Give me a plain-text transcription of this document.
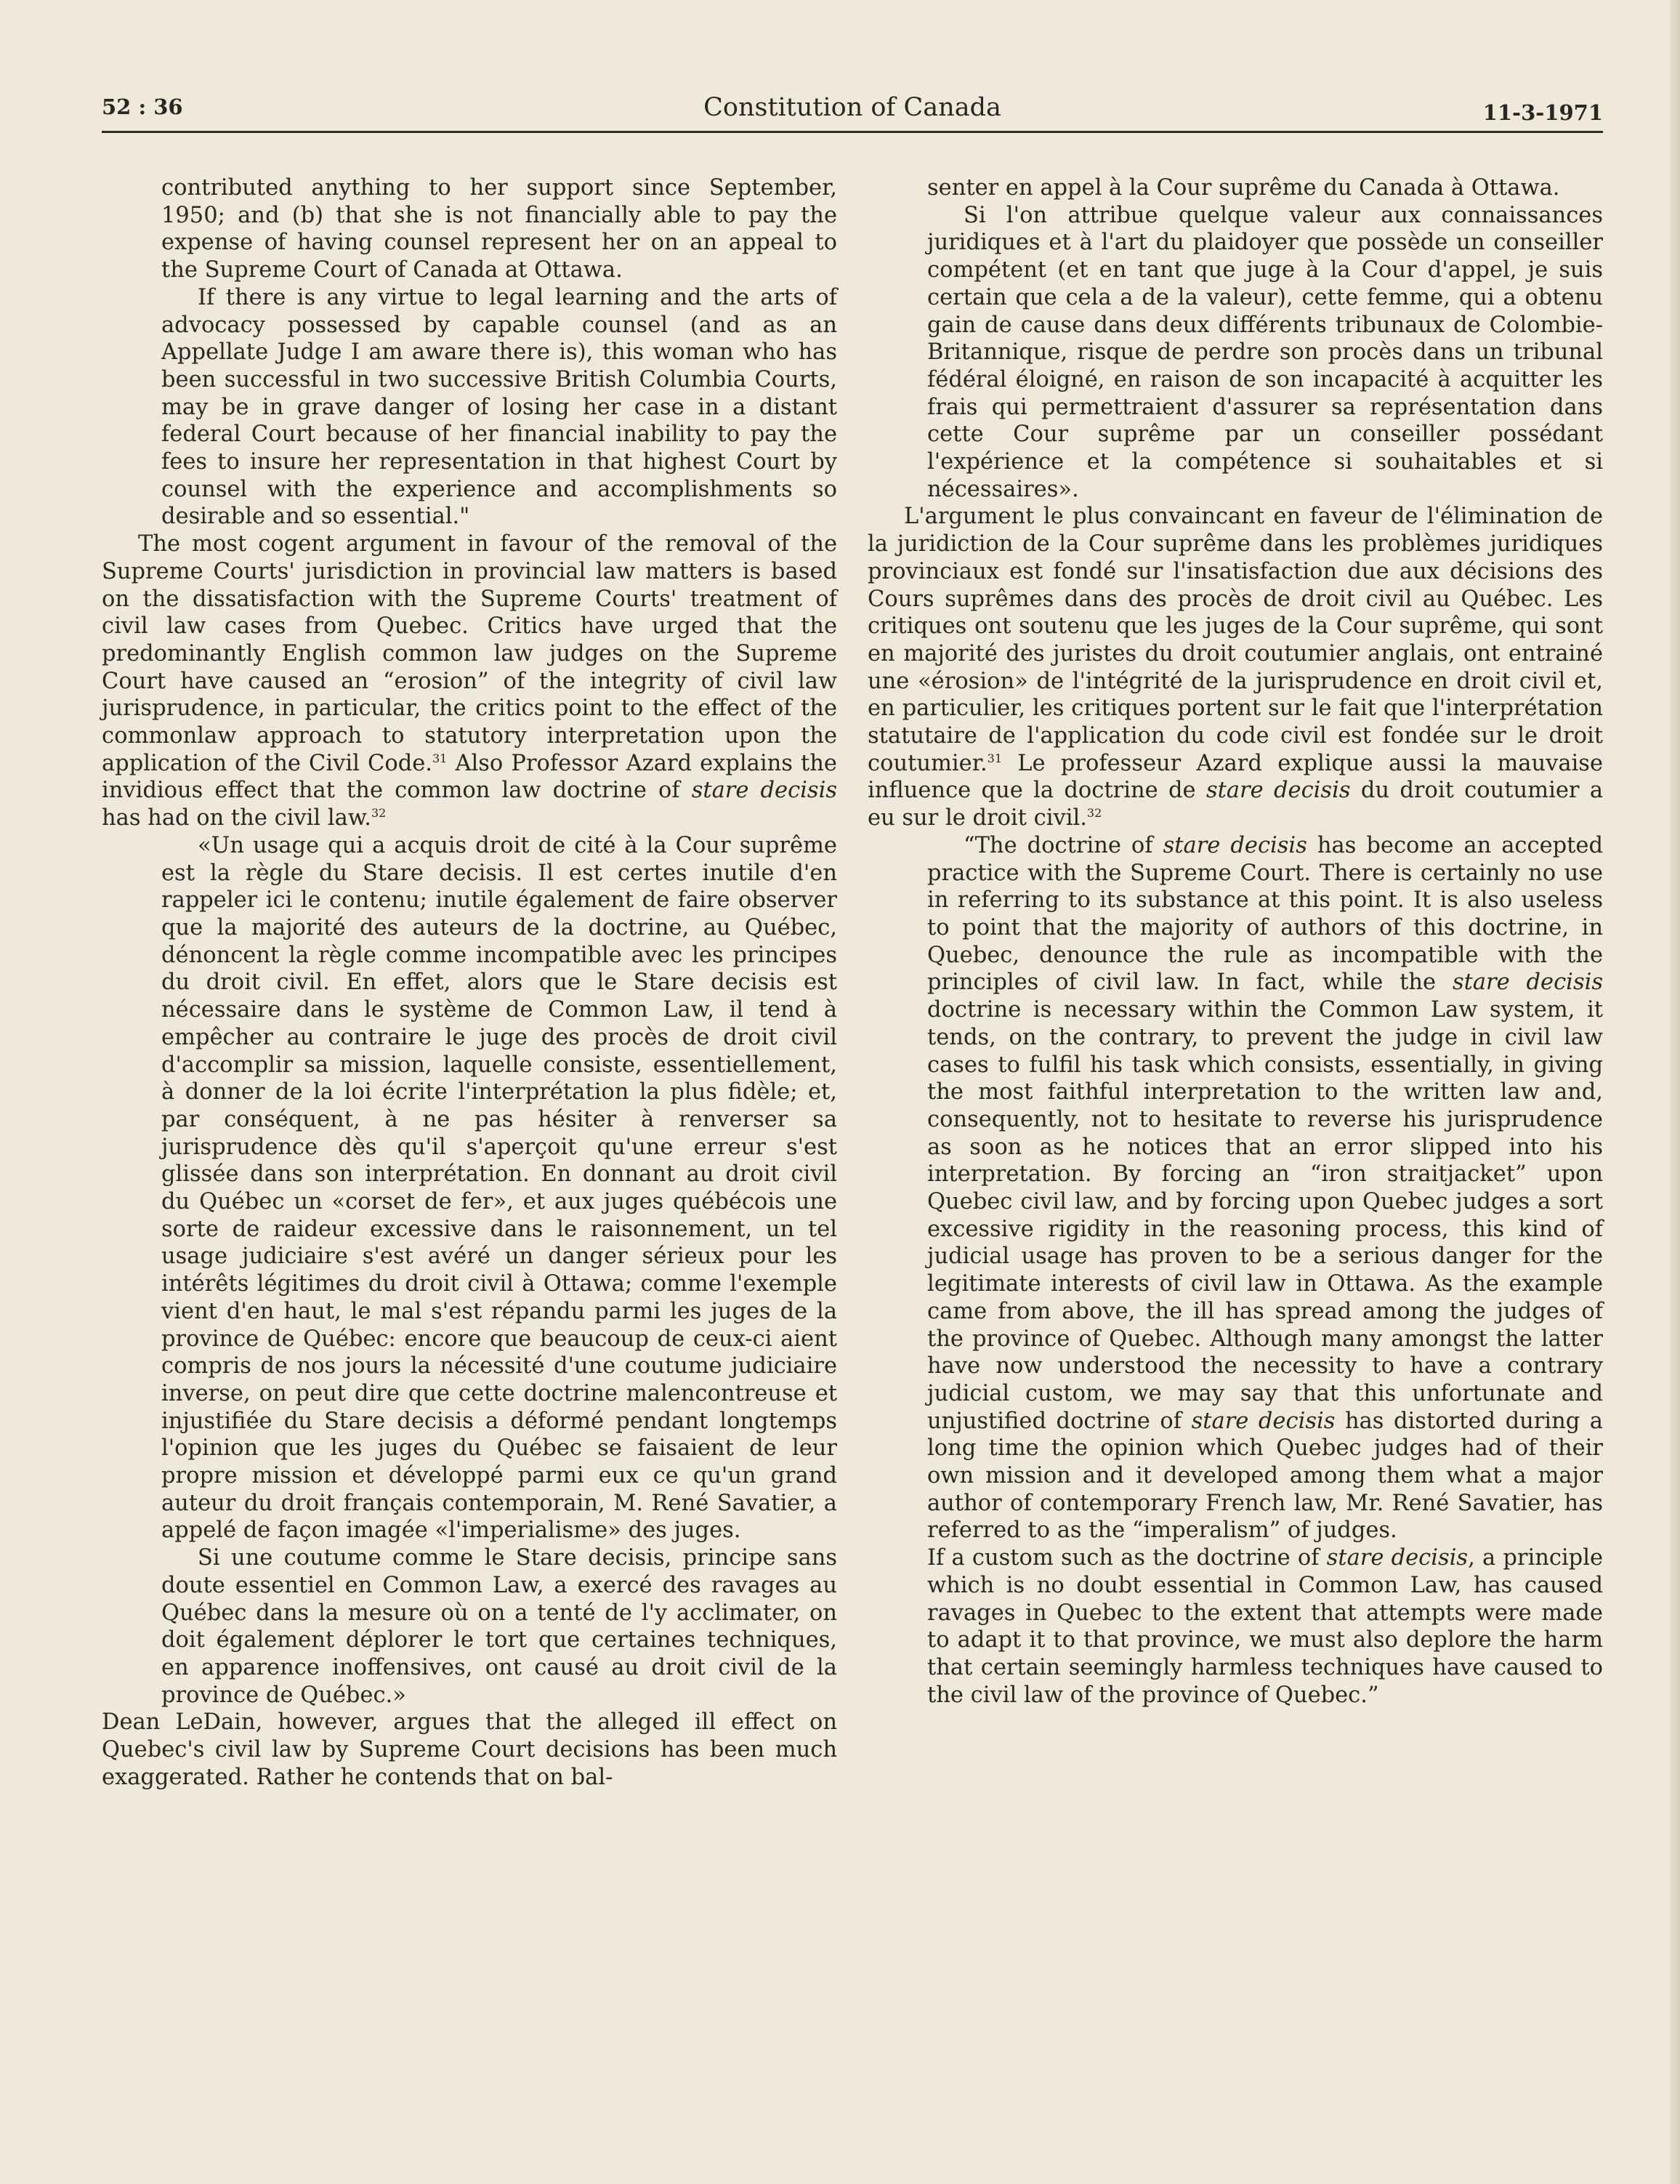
52 : 36	Constitution of Canada	11-3-1971

contributed anything to her support since September, 1950; and (b) that she is not financially able to pay the expense of having counsel represent her on an appeal to the Supreme Court of Canada at Ottawa.

If there is any virtue to legal learning and the arts of advocacy possessed by capable counsel (and as an Appellate Judge I am aware there is), this woman who has been successful in two successive British Columbia Courts, may be in grave danger of losing her case in a distant federal Court because of her financial inability to pay the fees to insure her representation in that highest Court by counsel with the experience and accomplishments so desirable and so essential."

The most cogent argument in favour of the removal of the Supreme Courts' jurisdiction in provincial law matters is based on the dissatisfaction with the Supreme Courts' treatment of civil law cases from Quebec. Critics have urged that the predominantly English common law judges on the Supreme Court have caused an “erosion” of the integrity of civil law jurisprudence, in particular, the critics point to the effect of the commonlaw approach to statutory interpretation upon the application of the Civil Code.$^{31}$ Also Professor Azard explains the invidious effect that the common law doctrine of stare decisis has had on the civil law.$^{32}$

«Un usage qui a acquis droit de cité à la Cour suprême est la règle du Stare decisis. Il est certes inutile d'en rappeler ici le contenu; inutile également de faire observer que la majorité des auteurs de la doctrine, au Québec, dénoncent la règle comme incompatible avec les principes du droit civil. En effet, alors que le Stare decisis est nécessaire dans le système de Common Law, il tend à empêcher au contraire le juge des procès de droit civil d'accomplir sa mission, laquelle consiste, essentiellement, à donner de la loi écrite l'interprétation la plus fidèle; et, par conséquent, à ne pas hésiter à renverser sa jurisprudence dès qu'il s'aperçoit qu'une erreur s'est glissée dans son interprétation. En donnant au droit civil du Québec un «corset de fer», et aux juges québécois une sorte de raideur excessive dans le raisonnement, un tel usage judiciaire s'est avéré un danger sérieux pour les intérêts légitimes du droit civil à Ottawa; comme l'exemple vient d'en haut, le mal s'est répandu parmi les juges de la province de Québec: encore que beaucoup de ceux-ci aient compris de nos jours la nécessité d'une coutume judiciaire inverse, on peut dire que cette doctrine malencontreuse et injustifiée du Stare decisis a déformé pendant longtemps l'opinion que les juges du Québec se faisaient de leur propre mission et développé parmi eux ce qu'un grand auteur du droit français contemporain, M. René Savatier, a appelé de façon imagée «l'imperialisme» des juges.

Si une coutume comme le Stare decisis, principe sans doute essentiel en Common Law, a exercé des ravages au Québec dans la mesure où on a tenté de l'y acclimater, on doit également déplorer le tort que certaines techniques, en apparence inoffensives, ont causé au droit civil de la province de Québec.»

Dean LeDain, however, argues that the alleged ill effect on Quebec's civil law by Supreme Court decisions has been much exaggerated. Rather he contends that on bal-

senter en appel à la Cour suprême du Canada à Ottawa.

Si l'on attribue quelque valeur aux connaissances juridiques et à l'art du plaidoyer que possède un conseiller compétent (et en tant que juge à la Cour d'appel, je suis certain que cela a de la valeur), cette femme, qui a obtenu gain de cause dans deux différents tribunaux de Colombie-Britannique, risque de perdre son procès dans un tribunal fédéral éloigné, en raison de son incapacité à acquitter les frais qui permettraient d'assurer sa représentation dans cette Cour suprême par un conseiller possédant l'expérience et la compétence si souhaitables et si nécessaires».

L'argument le plus convaincant en faveur de l'élimination de la juridiction de la Cour suprême dans les problèmes juridiques provinciaux est fondé sur l'insatisfaction due aux décisions des Cours suprêmes dans des procès de droit civil au Québec. Les critiques ont soutenu que les juges de la Cour suprême, qui sont en majorité des juristes du droit coutumier anglais, ont entrainé une «érosion» de l'intégrité de la jurisprudence en droit civil et, en particulier, les critiques portent sur le fait que l'interprétation statutaire de l'application du code civil est fondée sur le droit coutumier.$^{31}$ Le professeur Azard explique aussi la mauvaise influence que la doctrine de stare decisis du droit coutumier a eu sur le droit civil.$^{32}$

“The doctrine of stare decisis has become an accepted practice with the Supreme Court. There is certainly no use in referring to its substance at this point. It is also useless to point that the majority of authors of this doctrine, in Quebec, denounce the rule as incompatible with the principles of civil law. In fact, while the stare decisis doctrine is necessary within the Common Law system, it tends, on the contrary, to prevent the judge in civil law cases to fulfil his task which consists, essentially, in giving the most faithful interpretation to the written law and, consequently, not to hesitate to reverse his jurisprudence as soon as he notices that an error slipped into his interpretation. By forcing an “iron straitjacket” upon Quebec civil law, and by forcing upon Quebec judges a sort excessive rigidity in the reasoning process, this kind of judicial usage has proven to be a serious danger for the legitimate interests of civil law in Ottawa. As the example came from above, the ill has spread among the judges of the province of Quebec. Although many amongst the latter have now understood the necessity to have a contrary judicial custom, we may say that this unfortunate and unjustified doctrine of stare decisis has distorted during a long time the opinion which Quebec judges had of their own mission and it developed among them what a major author of contemporary French law, Mr. René Savatier, has referred to as the “imperalism” of judges.

If a custom such as the doctrine of stare decisis, a principle which is no doubt essential in Common Law, has caused ravages in Quebec to the extent that attempts were made to adapt it to that province, we must also deplore the harm that certain seemingly harmless techniques have caused to the civil law of the province of Quebec.”
